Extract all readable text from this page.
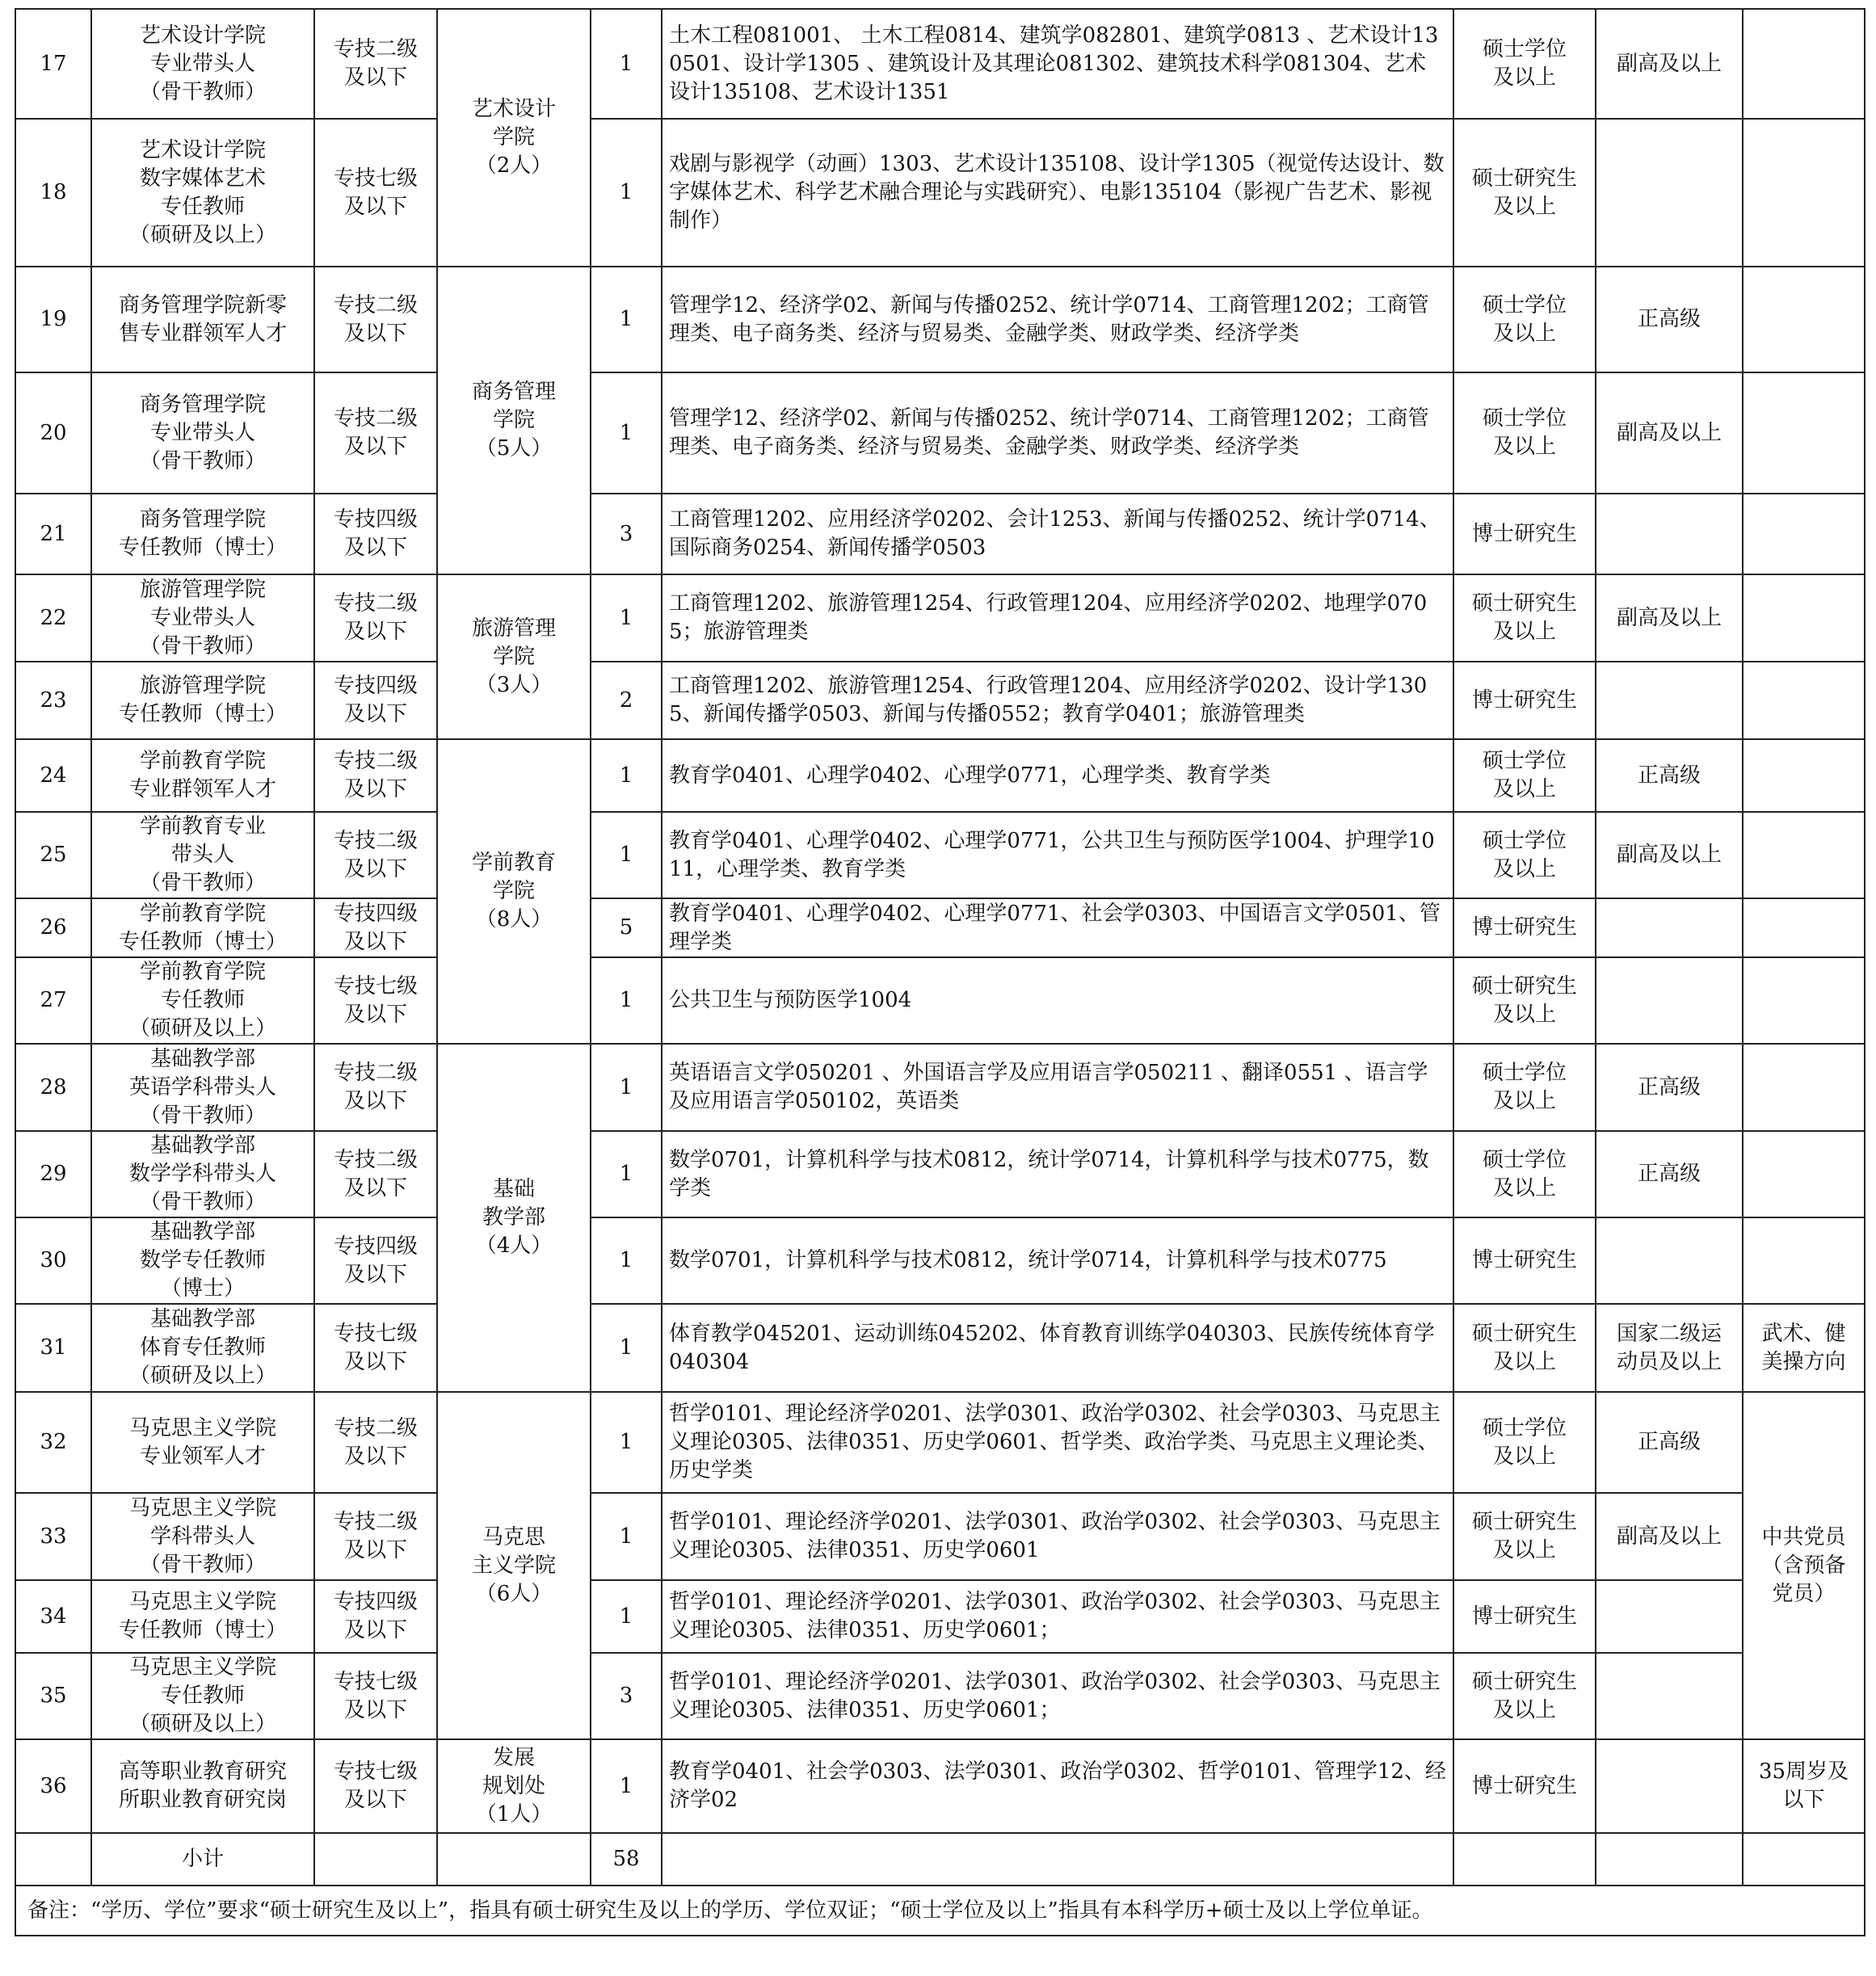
17	艺术设计学院
专业带头人
（骨干教师）	专技二级
及以下	艺术设计
学院
（2人）	1	土木工程081001、 土木工程0814、建筑学082801、建筑学0813 、艺术设计130501、设计学1305 、建筑设计及其理论081302、建筑技术科学081304、艺术设计135108、艺术设计1351	硕士学位
及以上	副高及以上	

18	艺术设计学院
数字媒体艺术
专任教师
（硕研及以上）	专技七级
及以下		1	戏剧与影视学（动画）1303、艺术设计135108、设计学1305（视觉传达设计、数字媒体艺术、科学艺术融合理论与实践研究）、电影135104（影视广告艺术、影视制作）	硕士研究生
及以上		

19	商务管理学院新零
售专业群领军人才	专技二级
及以下	商务管理
学院
（5人）	1	管理学12、经济学02、新闻与传播0252、统计学0714、工商管理1202；工商管理类、电子商务类、经济与贸易类、金融学类、财政学类、经济学类	硕士学位
及以上	正高级	

20	商务管理学院
专业带头人
（骨干教师）	专技二级
及以下		1	管理学12、经济学02、新闻与传播0252、统计学0714、工商管理1202；工商管理类、电子商务类、经济与贸易类、金融学类、财政学类、经济学类	硕士学位
及以上	副高及以上	

21	商务管理学院
专任教师（博士）	专技四级
及以下		3	工商管理1202、应用经济学0202、会计1253、新闻与传播0252、统计学0714、国际商务0254、新闻传播学0503	博士研究生		

22	旅游管理学院
专业带头人
（骨干教师）	专技二级
及以下	旅游管理
学院
（3人）	1	工商管理1202、旅游管理1254、行政管理1204、应用经济学0202、地理学0705；旅游管理类	硕士研究生
及以上	副高及以上	

23	旅游管理学院
专任教师（博士）	专技四级
及以下		2	工商管理1202、旅游管理1254、行政管理1204、应用经济学0202、设计学1305、新闻传播学0503、新闻与传播0552；教育学0401；旅游管理类	博士研究生		

24	学前教育学院
专业群领军人才	专技二级
及以下	学前教育
学院
（8人）	1	教育学0401、心理学0402、心理学0771，心理学类、教育学类	硕士学位
及以上	正高级	

25	学前教育专业
带头人
（骨干教师）	专技二级
及以下		1	教育学0401、心理学0402、心理学0771，公共卫生与预防医学1004、护理学1011，心理学类、教育学类	硕士学位
及以上	副高及以上	

26	学前教育学院
专任教师（博士）	专技四级
及以下		5	教育学0401、心理学0402、心理学0771、社会学0303、中国语言文学0501、管理学类	博士研究生		

27	学前教育学院
专任教师
（硕研及以上）	专技七级
及以下		1	公共卫生与预防医学1004	硕士研究生
及以上		

28	基础教学部
英语学科带头人
（骨干教师）	专技二级
及以下	基础
教学部
（4人）	1	英语语言文学050201 、外国语言学及应用语言学050211 、翻译0551 、语言学及应用语言学050102，英语类	硕士学位
及以上	正高级	

29	基础教学部
数学学科带头人
（骨干教师）	专技二级
及以下		1	数学0701，计算机科学与技术0812，统计学0714，计算机科学与技术0775，数学类	硕士学位
及以上	正高级	

30	基础教学部
数学专任教师
（博士）	专技四级
及以下		1	数学0701，计算机科学与技术0812，统计学0714，计算机科学与技术0775	博士研究生		

31	基础教学部
体育专任教师
（硕研及以上）	专技七级
及以下		1	体育教学045201、运动训练045202、体育教育训练学040303、民族传统体育学040304	硕士研究生
及以上	国家二级运
动员及以上	武术、健
美操方向

32	马克思主义学院
专业领军人才	专技二级
及以下	马克思
主义学院
（6人）	1	哲学0101、理论经济学0201、法学0301、政治学0302、社会学0303、马克思主义理论0305、法律0351、历史学0601、哲学类、政治学类、马克思主义理论类、历史学类	硕士学位
及以上	正高级	中共党员
（含预备
党员）

33	马克思主义学院
学科带头人
（骨干教师）	专技二级
及以下		1	哲学0101、理论经济学0201、法学0301、政治学0302、社会学0303、马克思主义理论0305、法律0351、历史学0601	硕士研究生
及以上	副高及以上	

34	马克思主义学院
专任教师（博士）	专技四级
及以下		1	哲学0101、理论经济学0201、法学0301、政治学0302、社会学0303、马克思主义理论0305、法律0351、历史学0601；	博士研究生		

35	马克思主义学院
专任教师
（硕研及以上）	专技七级
及以下		3	哲学0101、理论经济学0201、法学0301、政治学0302、社会学0303、马克思主义理论0305、法律0351、历史学0601；	硕士研究生
及以上		

36	高等职业教育研究
所职业教育研究岗	专技七级
及以下	发展
规划处
（1人）	1	教育学0401、社会学0303、法学0301、政治学0302、哲学0101、管理学12、经济学02	博士研究生		35周岁及
以下

	小计			58				
备注：“学历、学位”要求“硕士研究生及以上”，指具有硕士研究生及以上的学历、学位双证；“硕士学位及以上”指具有本科学历+硕士及以上学位单证。								
